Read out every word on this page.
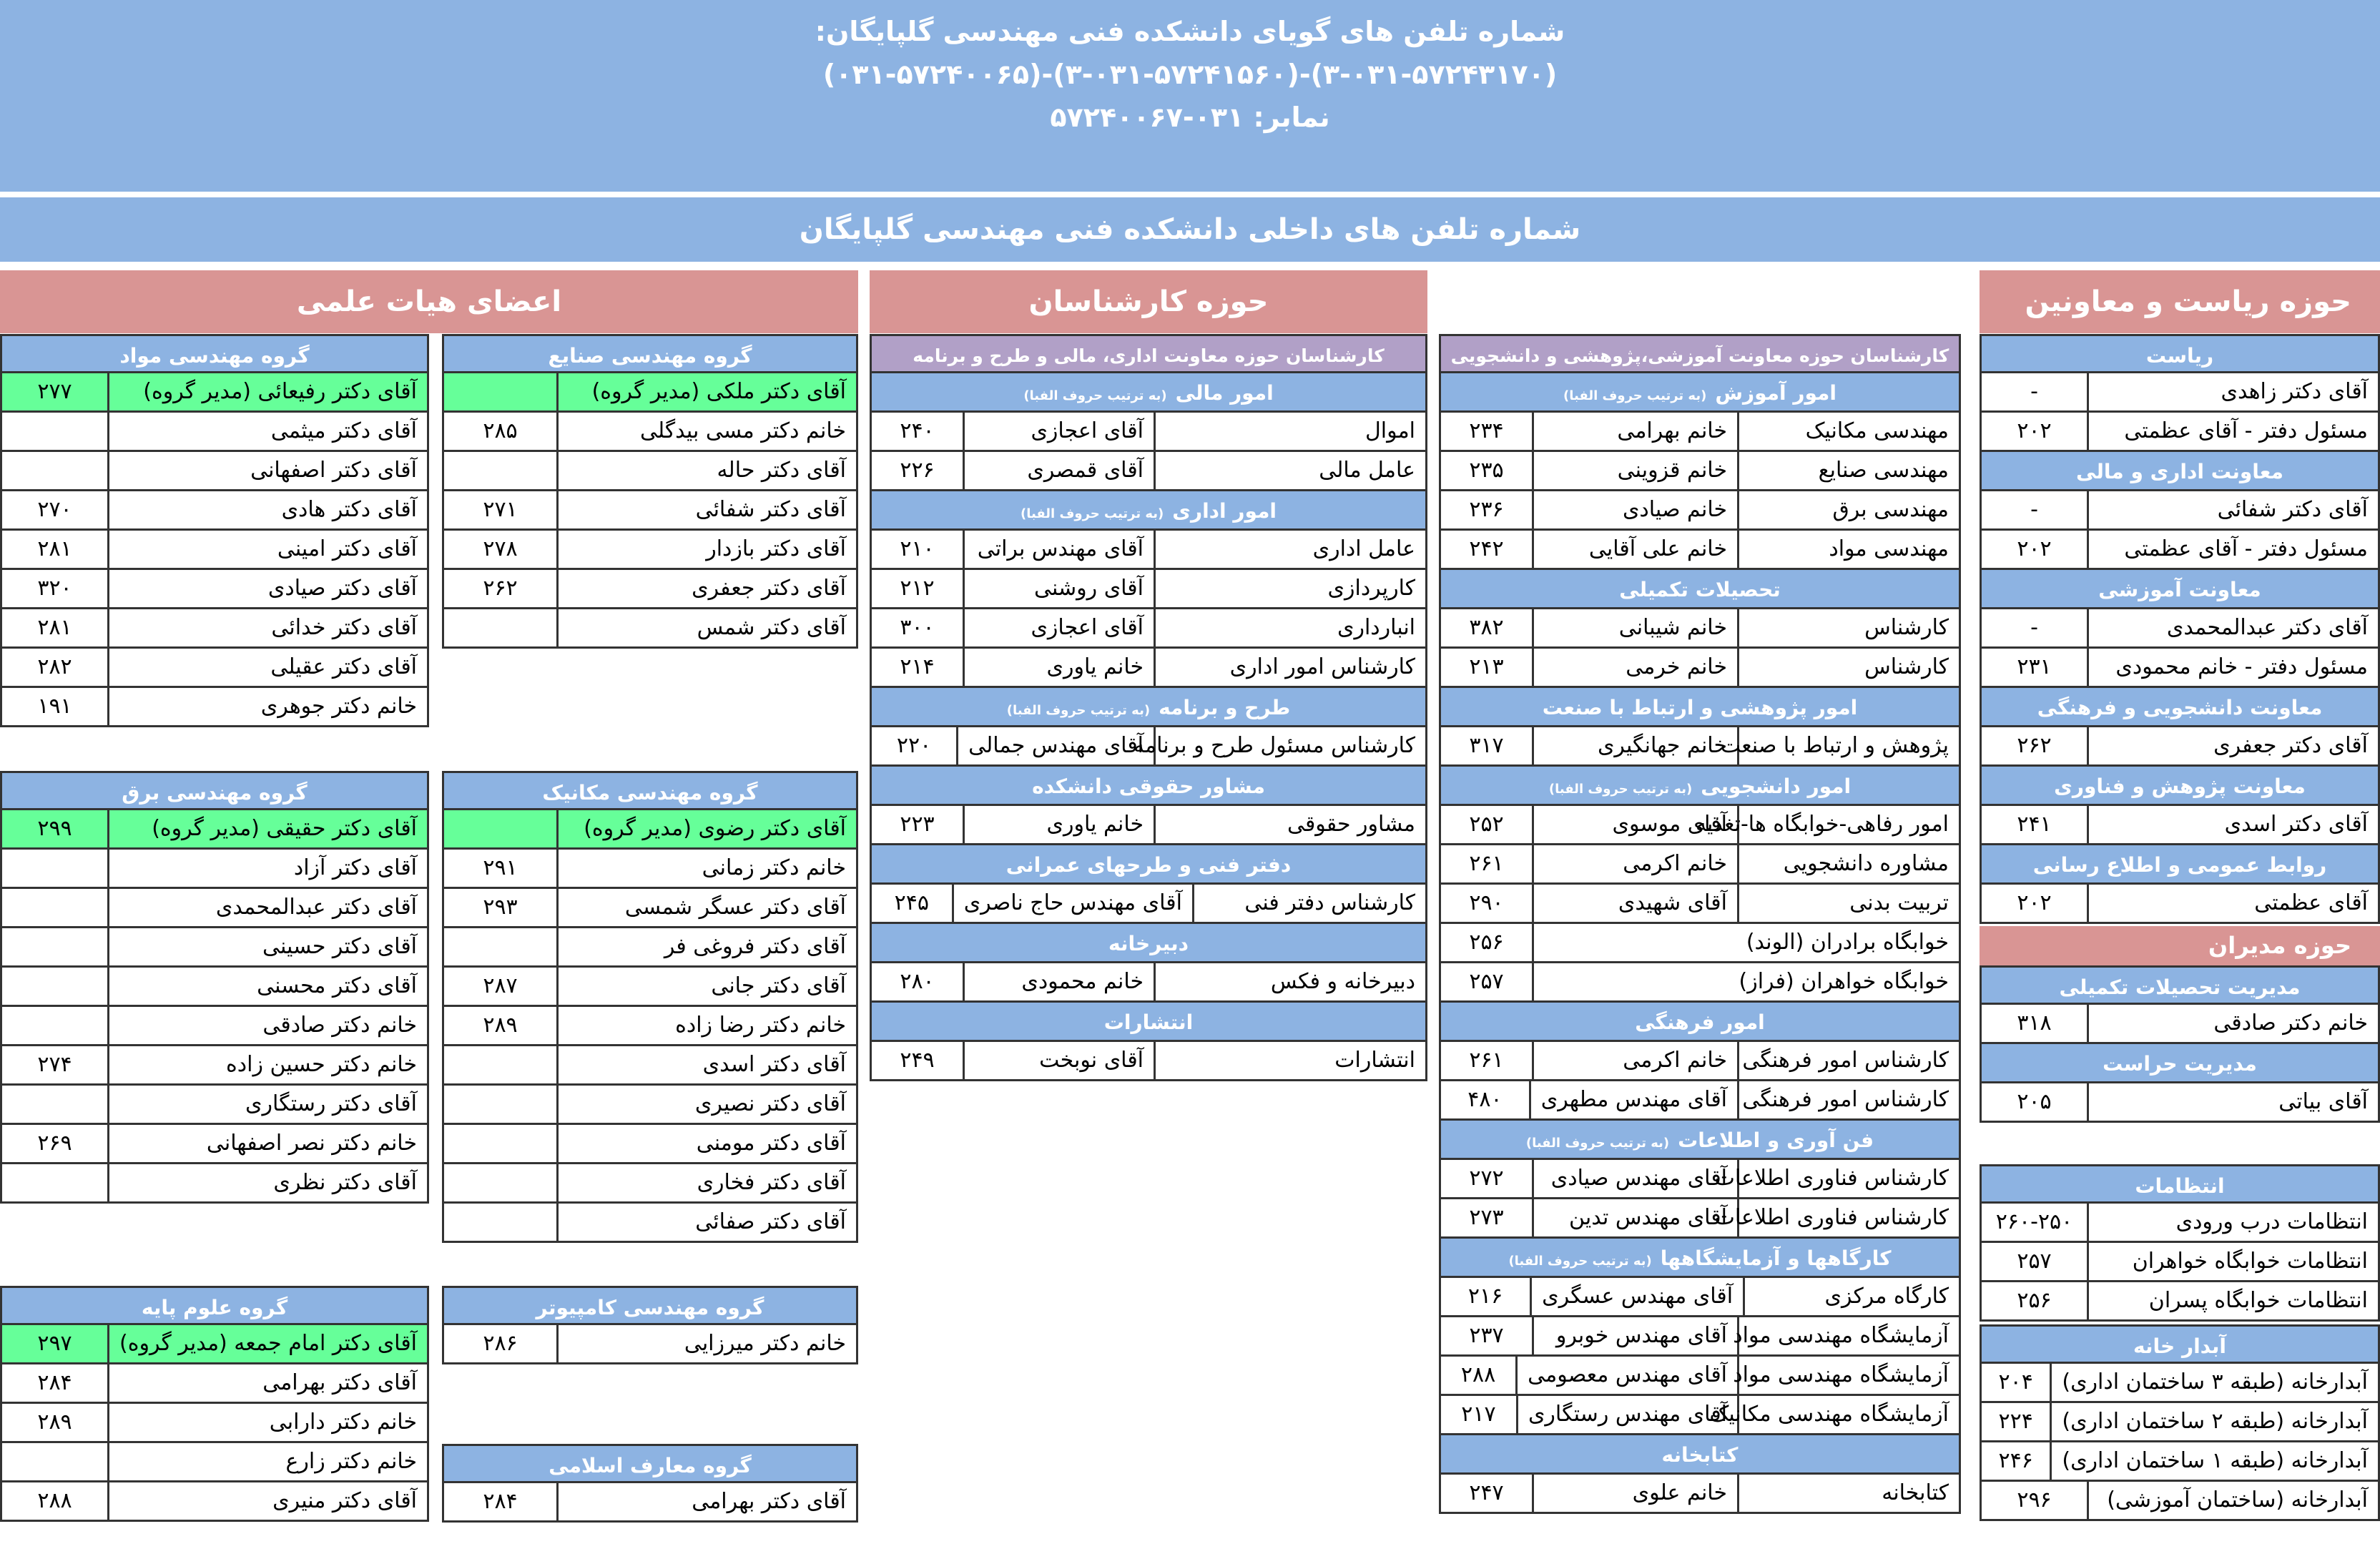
شماره تلفن های گویای دانشکده فنی مهندسی گلپایگان:
(۰۳۱-۵۷۲۴۰۰۶۵)-(۳-۰۳۱-۵۷۲۴۱۵۶۰)-(۳-۰۳۱-۵۷۲۴۳۱۷۰)
نمابر: ۰۳۱-۵۷۲۴۰۰۶۷
شماره تلفن های داخلی دانشکده فنی مهندسی گلپایگان
اعضای هیات علمی	حوزه کارشناسان	حوزه ریاست و معاونین
گروه مهندسی مواد
آقای دکتر رفیعائی (مدیر گروه)
۲۷۷
آقای دکتر میثمی
آقای دکتر اصفهانی
آقای دکتر هادی
۲۷۰
آقای دکتر امینی
۲۸۱
آقای دکتر صیادی
۳۲۰
آقای دکتر خدائی
۲۸۱
آقای دکتر عقیلی
۲۸۲
خانم دکتر جوهری
۱۹۱
گروه مهندسی صنایع
آقای دکتر ملکی (مدیر گروه)
خانم دکتر مسی بیدگلی
۲۸۵
آقای دکتر حاله
آقای دکتر شفائی
۲۷۱
آقای دکتر بازدار
۲۷۸
آقای دکتر جعفری
۲۶۲
آقای دکتر شمس
گروه مهندسی برق
آقای دکتر حقیقی (مدیر گروه)
۲۹۹
آقای دکتر آزاد
آقای دکتر عبدالمحمدی
آقای دکتر حسینی
آقای دکتر محسنی
خانم دکتر صادقی
خانم دکتر حسین زاده
۲۷۴
آقای دکتر رستگاری
خانم دکتر نصر اصفهانی
۲۶۹
آقای دکتر نظری
گروه مهندسی مکانیک
آقای دکتر رضوی (مدیر گروه)
خانم دکتر زمانی
۲۹۱
آقای دکتر عسگر شمسی
۲۹۳
آقای دکتر فروغی فر
آقای دکتر جانی
۲۸۷
خانم دکتر رضا زاده
۲۸۹
آقای دکتر اسدی
آقای دکتر نصیری
آقای دکتر مومنی
آقای دکتر فخاری
آقای دکتر صفائی
گروه علوم پایه
آقای دکتر امام جمعه (مدیر گروه)
۲۹۷
آقای دکتر بهرامی
۲۸۴
خانم دکتر دارابی
۲۸۹
خانم دکتر زارع
آقای دکتر منیری
۲۸۸
گروه مهندسی کامپیوتر
خانم دکتر میرزایی
۲۸۶
گروه معارف اسلامی
آقای دکتر بهرامی
۲۸۴
کارشناسان حوزه معاونت اداری، مالی و طرح و برنامه
امور مالی(به ترتیب حروف الفبا)
اموال
آقای اعجازی
۲۴۰
عامل مالی
آقای قمصری
۲۲۶
امور اداری(به ترتیب حروف الفبا)
عامل اداری
آقای مهندس براتی
۲۱۰
کارپردازی
آقای روشنی
۲۱۲
انبارداری
آقای اعجازی
۳۰۰
کارشناس امور اداری
خانم یاوری
۲۱۴
طرح و برنامه(به ترتیب حروف الفبا)
کارشناس مسئول طرح و برنامه
آقای مهندس جمالی
۲۲۰
مشاور حقوقی دانشکده
مشاور حقوقی
خانم یاوری
۲۲۳
دفتر فنی و طرحهای عمرانی
کارشناس دفتر فنی
آقای مهندس حاج ناصری
۲۴۵
دبیرخانه
دبیرخانه و فکس
خانم محمودی
۲۸۰
انتشارات
انتشارات
آقای نوبخت
۲۴۹
کارشناسان حوزه معاونت آموزشی،پژوهشی و دانشجویی
امور آموزش(به ترتیب حروف الفبا)
مهندسی مکانیک
خانم بهرامی
۲۳۴
مهندسی صنایع
خانم قزوینی
۲۳۵
مهندسی برق
خانم صیادی
۲۳۶
مهندسی مواد
خانم علی آقایی
۲۴۲
تحصیلات تکمیلی
کارشناس
خانم شیبانی
۳۸۲
کارشناس
خانم خرمی
۲۱۳
امور پژوهشی و ارتباط با صنعت
پژوهش و ارتباط با صنعت
خانم جهانگیری
۳۱۷
امور دانشجویی(به ترتیب حروف الفبا)
امور رفاهی-خوابگاه ها-تغذیه
آقای موسوی
۲۵۲
مشاوره دانشجویی
خانم اکرمی
۲۶۱
تربیت بدنی
آقای شهیدی
۲۹۰
خوابگاه برادران (الوند)
۲۵۶
خوابگاه خواهران (فراز)
۲۵۷
امور فرهنگی
کارشناس امور فرهنگی
خانم اکرمی
۲۶۱
کارشناس امور فرهنگی
آقای مهندس مطهری
۴۸۰
فن آوری و اطلاعات(به ترتیب حروف الفبا)
کارشناس فناوری اطلاعات
آقای مهندس صیادی
۲۷۲
کارشناس فناوری اطلاعات
آقای مهندس تدین
۲۷۳
کارگاهها و آزمایشگاهها(به ترتیب حروف الفبا)
کارگاه مرکزی
آقای مهندس عسگری
۲۱۶
آزمایشگاه مهندسی مواد
آقای مهندس خوبرو
۲۳۷
آزمایشگاه مهندسی مواد
آقای مهندس معصومی
۲۸۸
آزمایشگاه مهندسی مکانیک
آقای مهندس رستگاری
۲۱۷
کتابخانه
کتابخانه
خانم علوی
۲۴۷
ریاست
آقای دکتر زاهدی
-
مسئول دفتر - آقای عظمتی
۲۰۲
معاونت اداری و مالی
آقای دکتر شفائی
-
مسئول دفتر - آقای عظمتی
۲۰۲
معاونت آموزشی
آقای دکتر عبدالمحمدی
-
مسئول دفتر - خانم محمودی
۲۳۱
معاونت دانشجویی و فرهنگی
آقای دکتر جعفری
۲۶۲
معاونت پژوهش و فناوری
آقای دکتر اسدی
۲۴۱
روابط عمومی و اطلاع رسانی
آقای عظمتی
۲۰۲
حوزه مدیران
مدیریت تحصیلات تکمیلی
خانم دکتر صادقی
۳۱۸
مدیریت حراست
آقای بیاتی
۲۰۵
انتظامات
انتظامات درب ورودی
۲۶۰-۲۵۰
انتظامات خوابگاه خواهران
۲۵۷
انتظامات خوابگاه پسران
۲۵۶
آبدار خانه
آبدارخانه (طبقه ۳ ساختمان اداری)
۲۰۴
آبدارخانه (طبقه ۲ ساختمان اداری)
۲۲۴
آبدارخانه (طبقه ۱ ساختمان اداری)
۲۴۶
آبدارخانه (ساختمان آموزشی)
۲۹۶
